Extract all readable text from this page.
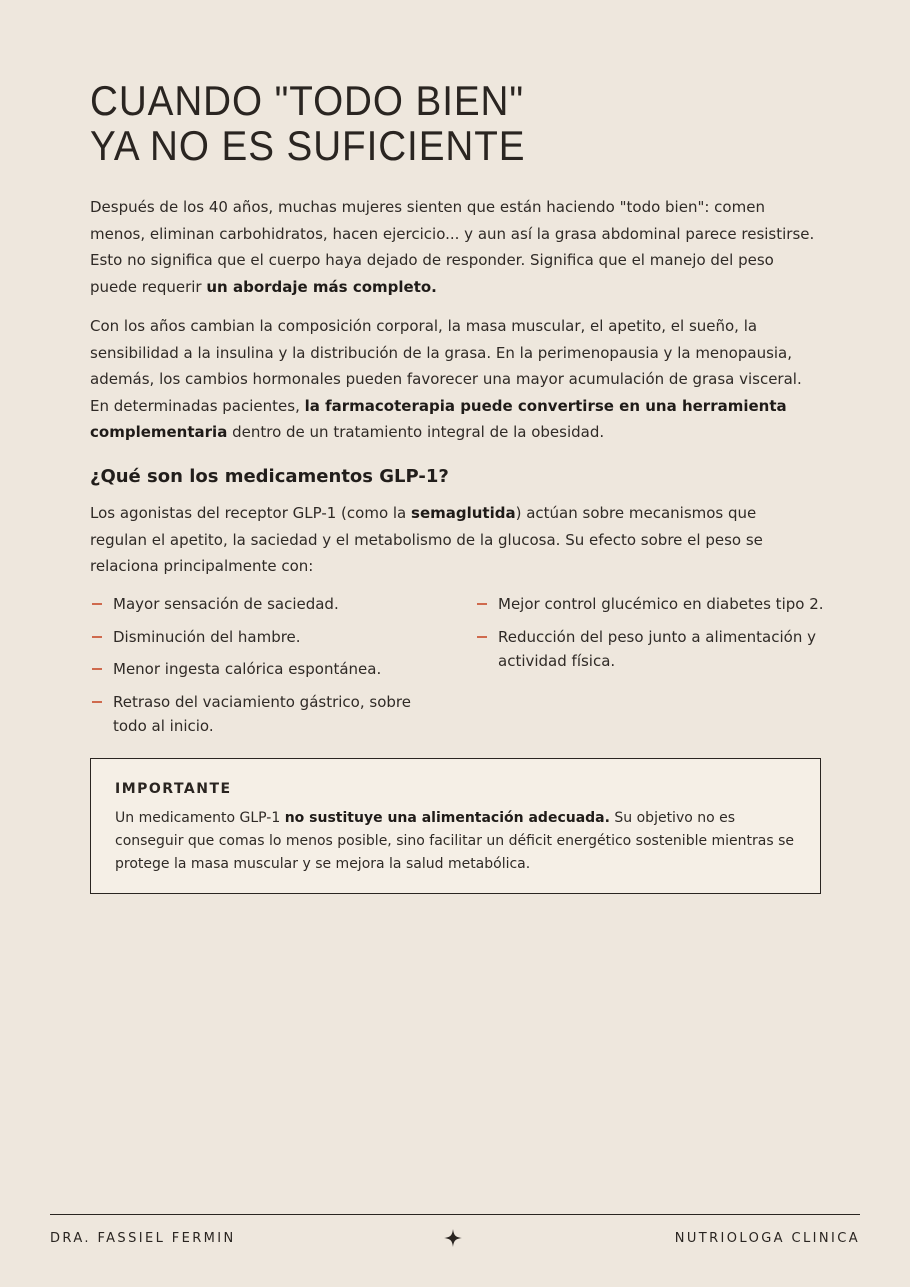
CUANDO "TODO BIEN"
YA NO ES SUFICIENTE

Después de los 40 años, muchas mujeres sienten que están haciendo "todo bien": comen menos, eliminan carbohidratos, hacen ejercicio... y aun así la grasa abdominal parece resistirse. Esto no significa que el cuerpo haya dejado de responder. Significa que el manejo del peso puede requerir un abordaje más completo.

Con los años cambian la composición corporal, la masa muscular, el apetito, el sueño, la sensibilidad a la insulina y la distribución de la grasa. En la perimenopausia y la menopausia, además, los cambios hormonales pueden favorecer una mayor acumulación de grasa visceral. En determinadas pacientes, la farmacoterapia puede convertirse en una herramienta complementaria dentro de un tratamiento integral de la obesidad.

¿Qué son los medicamentos GLP-1?

Los agonistas del receptor GLP-1 (como la semaglutida) actúan sobre mecanismos que regulan el apetito, la saciedad y el metabolismo de la glucosa. Su efecto sobre el peso se relaciona principalmente con:

Mayor sensación de saciedad.
Disminución del hambre.
Menor ingesta calórica espontánea.
Retraso del vaciamiento gástrico, sobre todo al inicio.
Mejor control glucémico en diabetes tipo 2.
Reducción del peso junto a alimentación y actividad física.
IMPORTANTE

Un medicamento GLP-1 no sustituye una alimentación adecuada. Su objetivo no es conseguir que comas lo menos posible, sino facilitar un déficit energético sostenible mientras se protege la masa muscular y se mejora la salud metabólica.

DRA. FASSIEL FERMIN	NUTRIOLOGA CLINICA
